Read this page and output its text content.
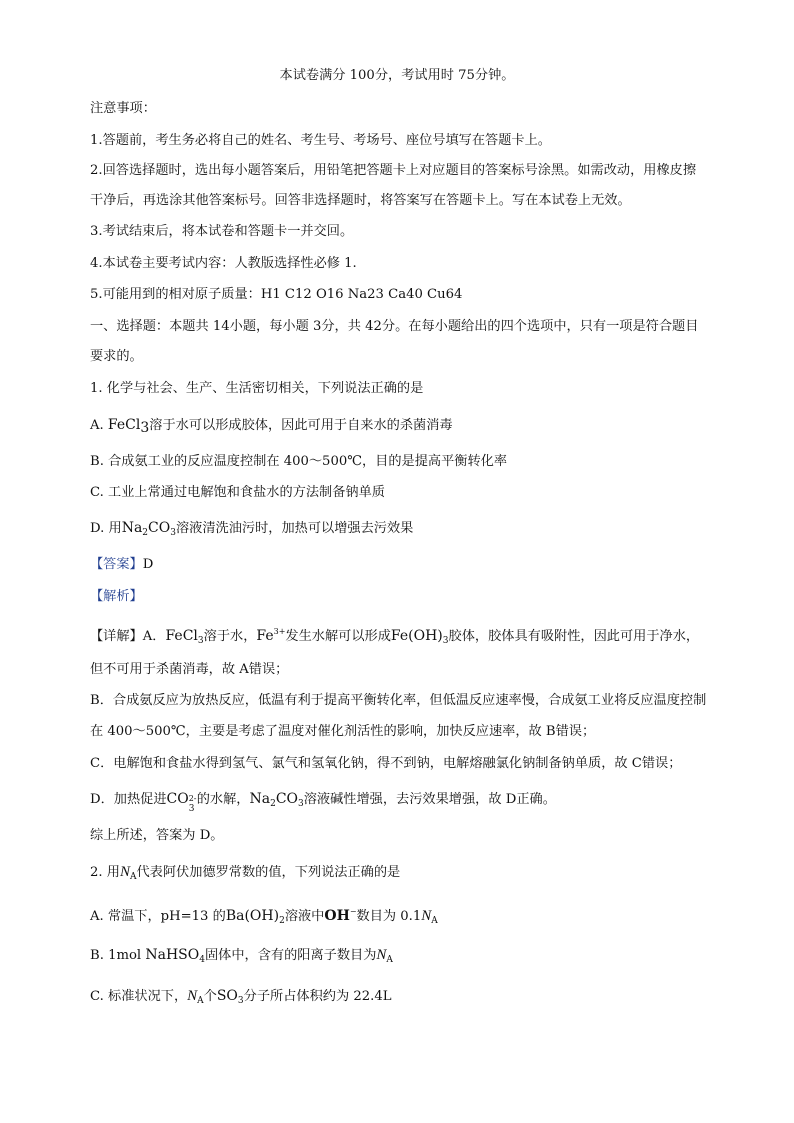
本试卷满分 100分，考试用时 75分钟。
注意事项：
1.答题前，考生务必将自己的姓名、考生号、考场号、座位号填写在答题卡上。
2.回答选择题时，选出每小题答案后，用铅笔把答题卡上对应题目的答案标号涂黑。如需改动，用橡皮擦
干净后，再选涂其他答案标号。回答非选择题时，将答案写在答题卡上。写在本试卷上无效。
3.考试结束后，将本试卷和答题卡一并交回。
4.本试卷主要考试内容：人教版选择性必修 1.
5.可能用到的相对原子质量：H1 C12 O16 Na23 Ca40 Cu64
一、选择题：本题共 14小题，每小题 3分，共 42分。在每小题给出的四个选项中，只有一项是符合题目
要求的。
1. 化学与社会、生产、生活密切相关，下列说法正确的是
A. FeCl$_3$溶于水可以形成胶体，因此可用于自来水的杀菌消毒
B. 合成氨工业的反应温度控制在 400～500℃，目的是提高平衡转化率
C. 工业上常通过电解饱和食盐水的方法制备钠单质
D. 用$Na_2CO_3$溶液清洗油污时，加热可以增强去污效果
【答案】D
【解析】
【详解】A．FeCl$_3$溶于水，$Fe^{3+}$发生水解可以形成$Fe(OH)_3$胶体，胶体具有吸附性，因此可用于净水，
但不可用于杀菌消毒，故 A错误；
B．合成氨反应为放热反应，低温有利于提高平衡转化率，但低温反应速率慢，合成氨工业将反应温度控制
在 400～500℃，主要是考虑了温度对催化剂活性的影响，加快反应速率，故 B错误；
C．电解饱和食盐水得到氢气、氯气和氢氧化钠，得不到钠，电解熔融氯化钠制备钠单质，故 C错误；
D．加热促进CO 2-
3
的水解，$Na_2CO_3$溶液碱性增强，去污效果增强，故 D正确。
综上所述，答案为 D。
2. 用$N_A$代表阿伏加德罗常数的值，下列说法正确的是
A. 常温下，pH=13 的$Ba(OH)_2$溶液中OH−数目为 $0.1N_A$
B. 1mol NaHSO$_4$固体中，含有的阳离子数目为$N_A$
C. 标准状况下，$N_A$个$SO_3$分子所占体积约为 22.4L
